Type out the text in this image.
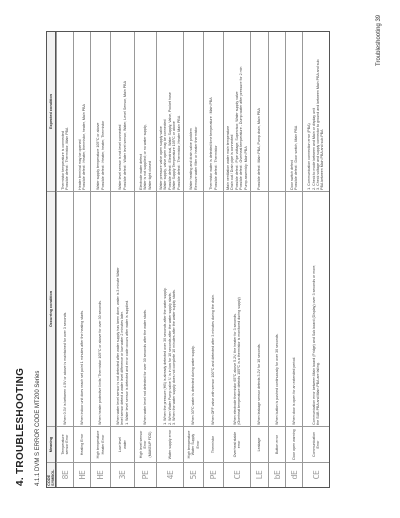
4. TROUBLESHOOTING 4.1.1 DVM S ERROR CODE MT200 Series CODE SYMBOL
Meaning
Occurring condition
Expected condition
8E
Temperature
sensor Error
When 0.3V is between 4.5V or above is maintained for over 3 seconds.
Thermistor temperature is connected
Possible defect : Thermistor, Main PBA
HE
Heating Error
When indoor unit does reach set point 1 minutes after the heating starts.
Heater terminal may be opened
Possible defect : Heater, thermistor, heater, Main PBA
HE
High temperature
Heater Error
When heater protective limits 'Thermistor 105°C or above for over 30 seconds.
Water supply temperature 105°C or above
Possible defect : Heater, heater, Thermistor
3E
Low level
water
When water level sensor is not detected after water supply has been done, water is 3 minute Water
level sensor detect a water level difference or low water 2 minutes later.
1. Water level sensor is detected and error code occurs after water is supplied.
Water level sensor is not level connected
Possible defect : Water level sensor, Water, Level Sensor, Main PBA
PE
High level sensor
Error
(MAKEUP FDD)
When water level not detected for over 30 seconds after the water starts.
Electrode water defect
Water is not supplied; or no water supply,
Water tight closed
4E
Water supply error
1. When the pressure (HB) is already detected over 30 seconds after the water supply.
2. When Water Pump valve 'L' is in low for 10 seconds after the water supply starts.
3. When the water supply does not complete 10 minutes after the water supply starts.
Water pressure valve open supply valve
Water supply, valve open may be connected
Possible defect : Electrical, Water Supply, Valve, Pocket hose
Water Supply Temperature 105°C or above
Possible defect : Thermistor, Heater Main PBA
5E
High temperature
Water Supply
Error
When 30°C water is detected during water supply.
Water heating and drain valve problem
Remove water filter or heater thermistor
PE
Thermistor
When OFF valve with sensor 100°C and detected after 3 minutes during the drain.
Thermistor water is detected time temperature : Main PBA
Possible defect : Thermistor
CE
Overheat stable
error
When electrode thermistor 65°C above 5.2V, the heater for 3 seconds.
(Overheat temperature detects 105°C is a thermistor is monitored during supply)
Main ventilation water main temperature
Drain out / Drain pipe is connected
Possible defect : Pipe voltage, Supervisor, Water supply valve
Possible defect : Overheat temperature - Dump water after pressure for 2 min
Pump assembly: Main PBA
LE
Leakage
When leakage sensor detects 3.2V for 10 seconds.
Possible defect : Main PBA, Pump drain, Main PBA
bE
Button error
When button is pushed continuously for over 30 seconds.
dE
Door open warning
When door is open for an extended period.
Door switch defect
Possible defect : Door switch, Main PBA
CE
Communication
Error
Communication error between Main board (Fridge) and Sub board (Display) over 3 seconds or more,
the SUB PBA and Main PBA are failing.
1. Communication connection error (PBA)
2. Check to mode between and Main or display unit
3. Check voltage and supply connector to ground and between Main PBA and sub
PBA between Main PBA and sub PBA
Troubleshooting 39
